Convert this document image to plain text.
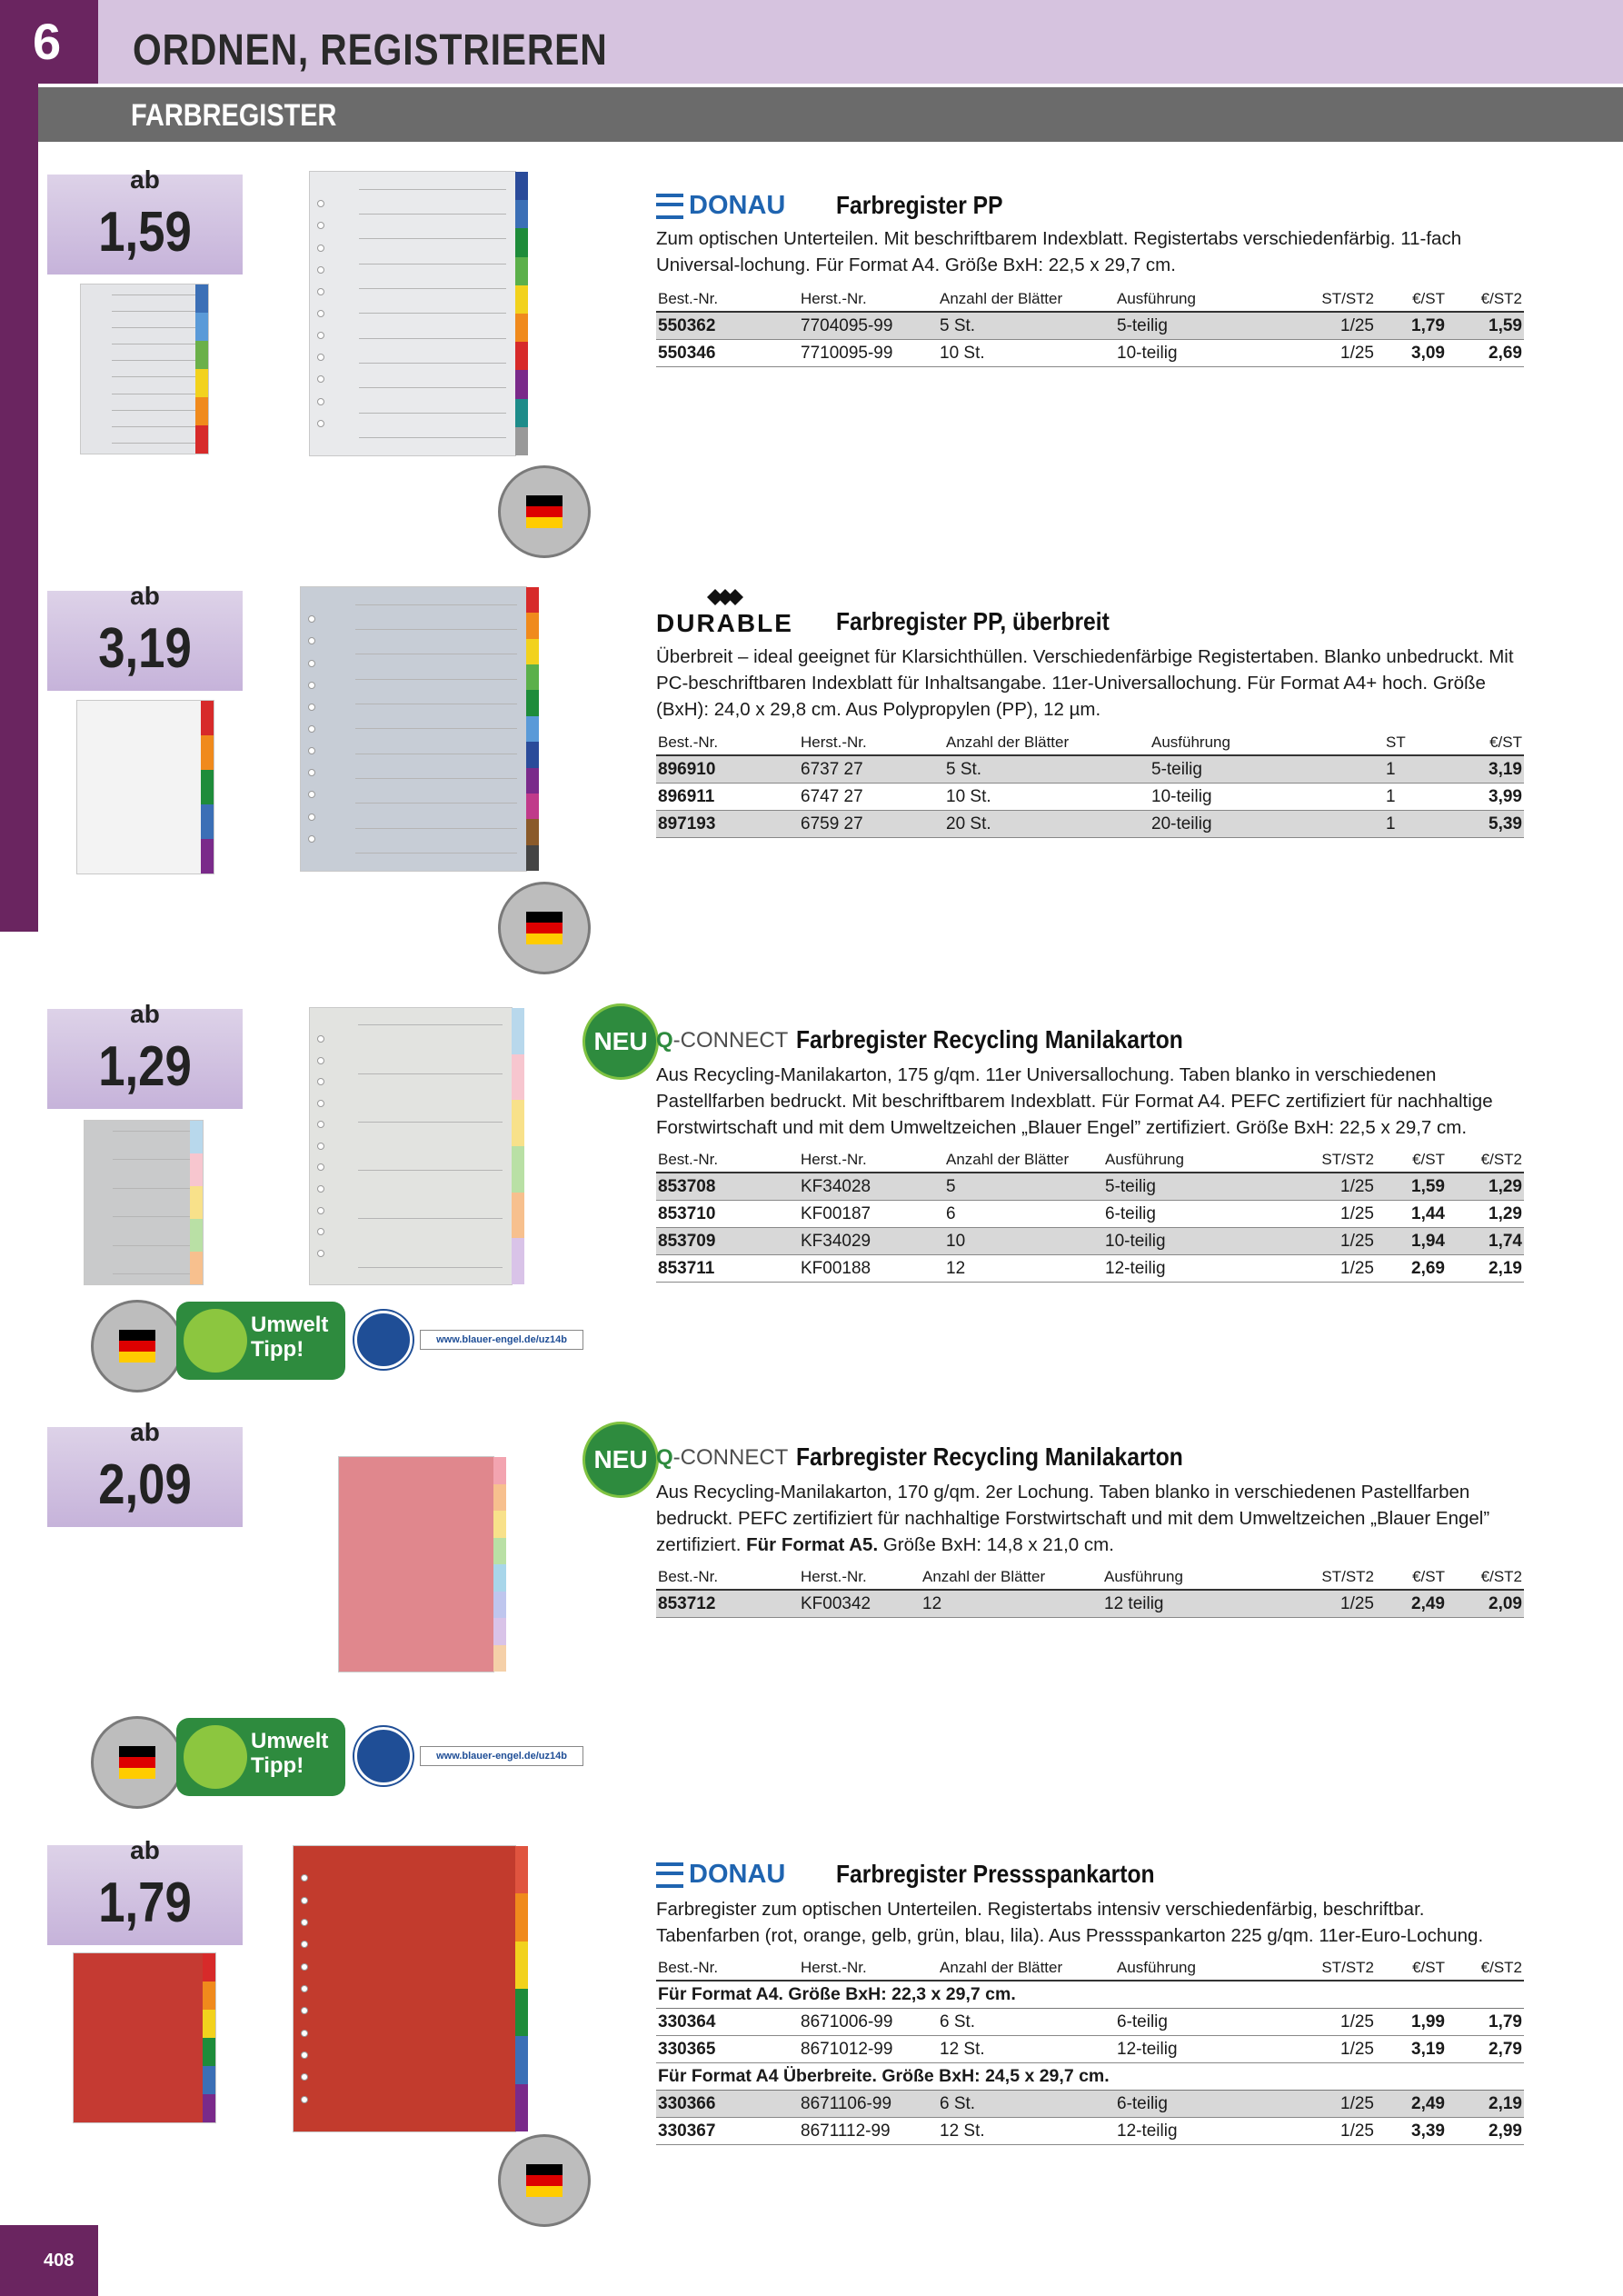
6	ORDNEN, REGISTRIEREN
FARBREGISTER
ab
1,59	DONAU Farbregister PP
Zum optischen Unterteilen. Mit beschriftbarem Indexblatt. Registertabs verschiedenfärbig. 11-fach Universal-lochung. Für Format A4. Größe BxH: 22,5 x 29,7 cm.
Best.-Nr.	Herst.-Nr.	Anzahl der Blätter	Ausführung	ST/ST2	€/ST	€/ST2
550362	7704095-99	5 St.	5-teilig	1/25	1,79	1,59
550346	7710095-99	10 St.	10-teilig	1/25	3,09	2,69
ab
3,19	DURABLE Farbregister PP, überbreit
Überbreit – ideal geeignet für Klarsichthüllen. Verschiedenfärbige Registertaben. Blanko unbedruckt. Mit PC-beschriftbaren Indexblatt für Inhaltsangabe. 11er-Universallochung. Für Format A4+ hoch. Größe (BxH): 24,0 x 29,8 cm. Aus Polypropylen (PP), 12 µm.
Best.-Nr.	Herst.-Nr.	Anzahl der Blätter	Ausführung	ST	€/ST
896910	6737 27	5 St.	5-teilig	1	3,19
896911	6747 27	10 St.	10-teilig	1	3,99
897193	6759 27	20 St.	20-teilig	1	5,39
ab
1,29
Umwelt
Tipp!	www.blauer-engel.de/uz14b
NEU Q-CONNECT Farbregister Recycling Manilakarton
Aus Recycling-Manilakarton, 175 g/qm. 11er Universallochung. Taben blanko in verschiedenen Pastellfarben bedruckt. Mit beschriftbarem Indexblatt. Für Format A4. PEFC zertifiziert für nachhaltige Forstwirtschaft und mit dem Umweltzeichen „Blauer Engel” zertifiziert. Größe BxH: 22,5 x 29,7 cm.
Best.-Nr.	Herst.-Nr.	Anzahl der Blätter	Ausführung	ST/ST2	€/ST	€/ST2
853708	KF34028	5	5-teilig	1/25	1,59	1,29
853710	KF00187	6	6-teilig	1/25	1,44	1,29
853709	KF34029	10	10-teilig	1/25	1,94	1,74
853711	KF00188	12	12-teilig	1/25	2,69	2,19
ab
2,09
Umwelt
Tipp!	www.blauer-engel.de/uz14b
NEU Q-CONNECT Farbregister Recycling Manilakarton
Aus Recycling-Manilakarton, 170 g/qm. 2er Lochung. Taben blanko in verschiedenen Pastellfarben bedruckt. PEFC zertifiziert für nachhaltige Forstwirtschaft und mit dem Umweltzeichen „Blauer Engel” zertifiziert. Für Format A5. Größe BxH: 14,8 x 21,0 cm.
Best.-Nr.	Herst.-Nr.	Anzahl der Blätter	Ausführung	ST/ST2	€/ST	€/ST2
853712	KF00342	12	12 teilig	1/25	2,49	2,09
ab
1,79	DONAU Farbregister Pressspankarton
Farbregister zum optischen Unterteilen. Registertabs intensiv verschiedenfärbig, beschriftbar. Tabenfarben (rot, orange, gelb, grün, blau, lila). Aus Pressspankarton 225 g/qm. 11er-Euro-Lochung.
Best.-Nr.	Herst.-Nr.	Anzahl der Blätter	Ausführung	ST/ST2	€/ST	€/ST2
Für Format A4. Größe BxH: 22,3 x 29,7 cm.						
330364	8671006-99	6 St.	6-teilig	1/25	1,99	1,79
330365	8671012-99	12 St.	12-teilig	1/25	3,19	2,79
Für Format A4 Überbreite. Größe BxH: 24,5 x 29,7 cm.						
330366	8671106-99	6 St.	6-teilig	1/25	2,49	2,19
330367	8671112-99	12 St.	12-teilig	1/25	3,39	2,99
408
